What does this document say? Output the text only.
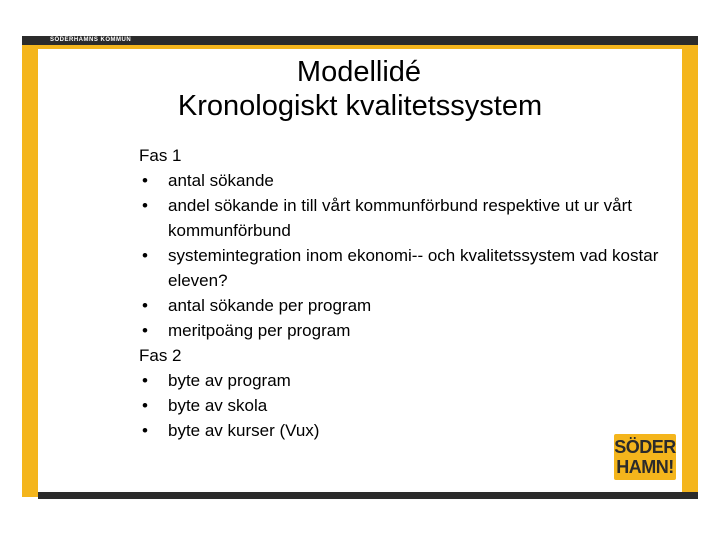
SÖDERHAMNS KOMMUN
Modellidé
Kronologiskt kvalitetssystem
Fas 1
• antal sökande
• andel sökande in till vårt kommunförbund respektive ut ur vårt kommunförbund
• systemintegration inom ekonomi-- och kvalitetssystem vad kostar eleven?
• antal sökande per program
• meritpoäng per program
Fas 2
• byte av program
• byte av skola
• byte av kurser (Vux)
SÖDER
HAMN!
